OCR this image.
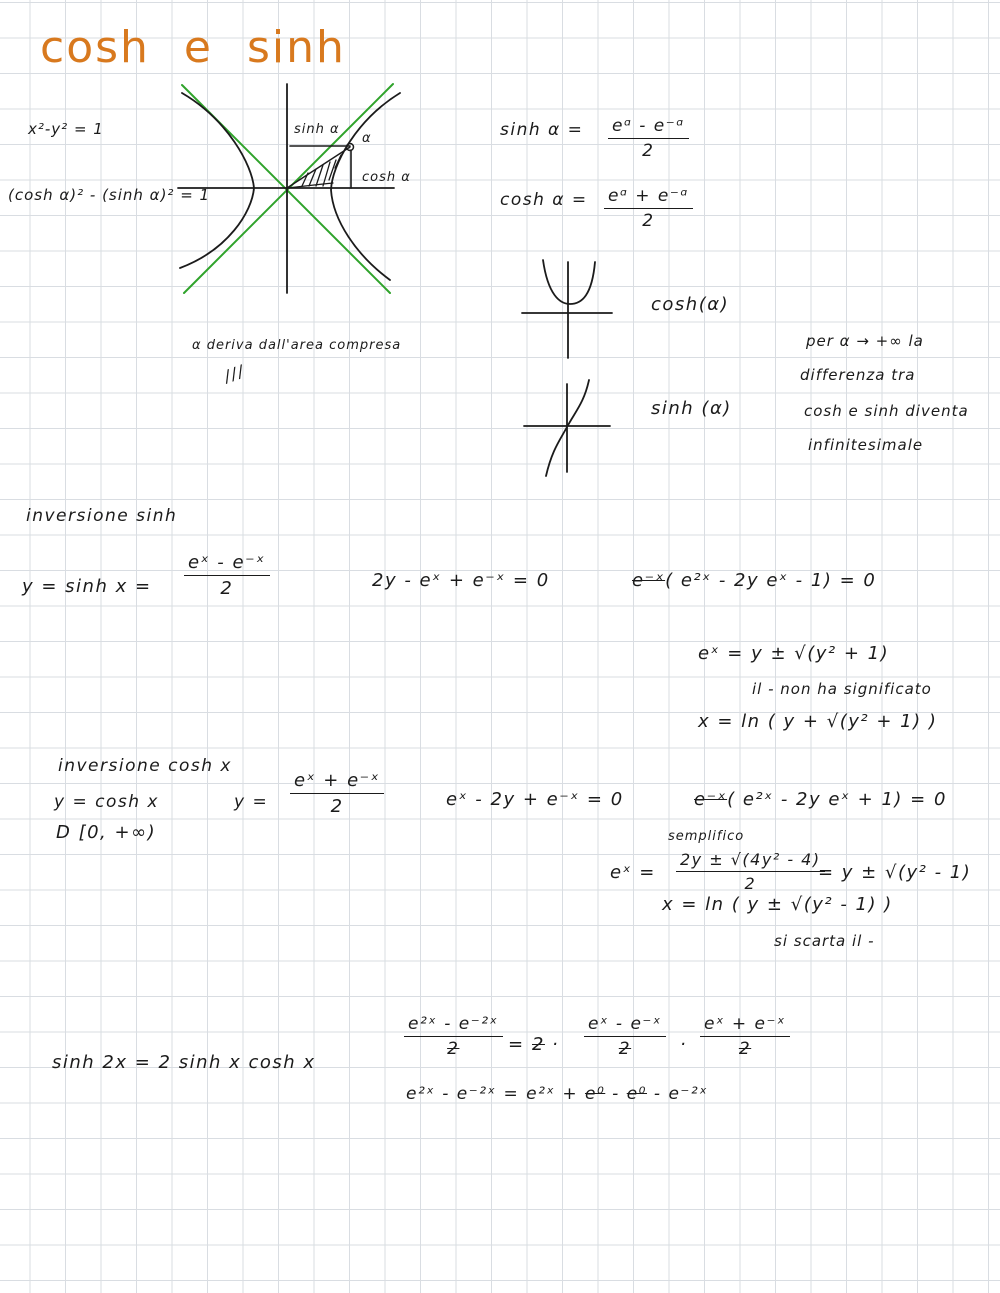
cosh e sinh
x²-y² = 1
(cosh α)² - (sinh α)² = 1
sinh α
α
cosh α
α deriva dall'area compresa
///
$\sinh \alpha = \frac{\text{eᵅ - e⁻ᵅ}}{2}$
$\cosh \alpha = \frac{\text{eᵅ + e⁻ᵅ}}{2}$
cosh(α)
sinh (α)
per α → +∞ la
differenza tra
cosh e sinh diventa
infinitesimale
inversione sinh
$y = \sinh x = \frac{\text{eˣ - e⁻ˣ}}{2}$	2y - eˣ + e⁻ˣ = 0	e⁻ˣ( e²ˣ - 2y eˣ - 1) = 0
eˣ = y ± √(y² + 1)
il - non ha significato
x = ln ( y + √(y² + 1) )
inversione cosh x
y = cosh x
D [0, +∞)
$y = \frac{\text{eˣ + e⁻ˣ}}{2}$	eˣ - 2y + e⁻ˣ = 0	e⁻ˣ( e²ˣ - 2y eˣ + 1) = 0
semplifico
eˣ = $\frac{\text{2y ± √(4y² - 4)}}{2}$
= y ± √(y² - 1)
x = ln ( y ± √(y² - 1) )
si scarta il -
sinh 2x = 2 sinh x cosh x
$\frac{\text{e²ˣ - e⁻²ˣ}}{2} = 2 \cdot \frac{\text{eˣ - e⁻ˣ}}{2} \cdot \frac{\text{eˣ + e⁻ˣ}}{2}$
e²ˣ - e⁻²ˣ = e²ˣ + e⁰ - e⁰ - e⁻²ˣ
